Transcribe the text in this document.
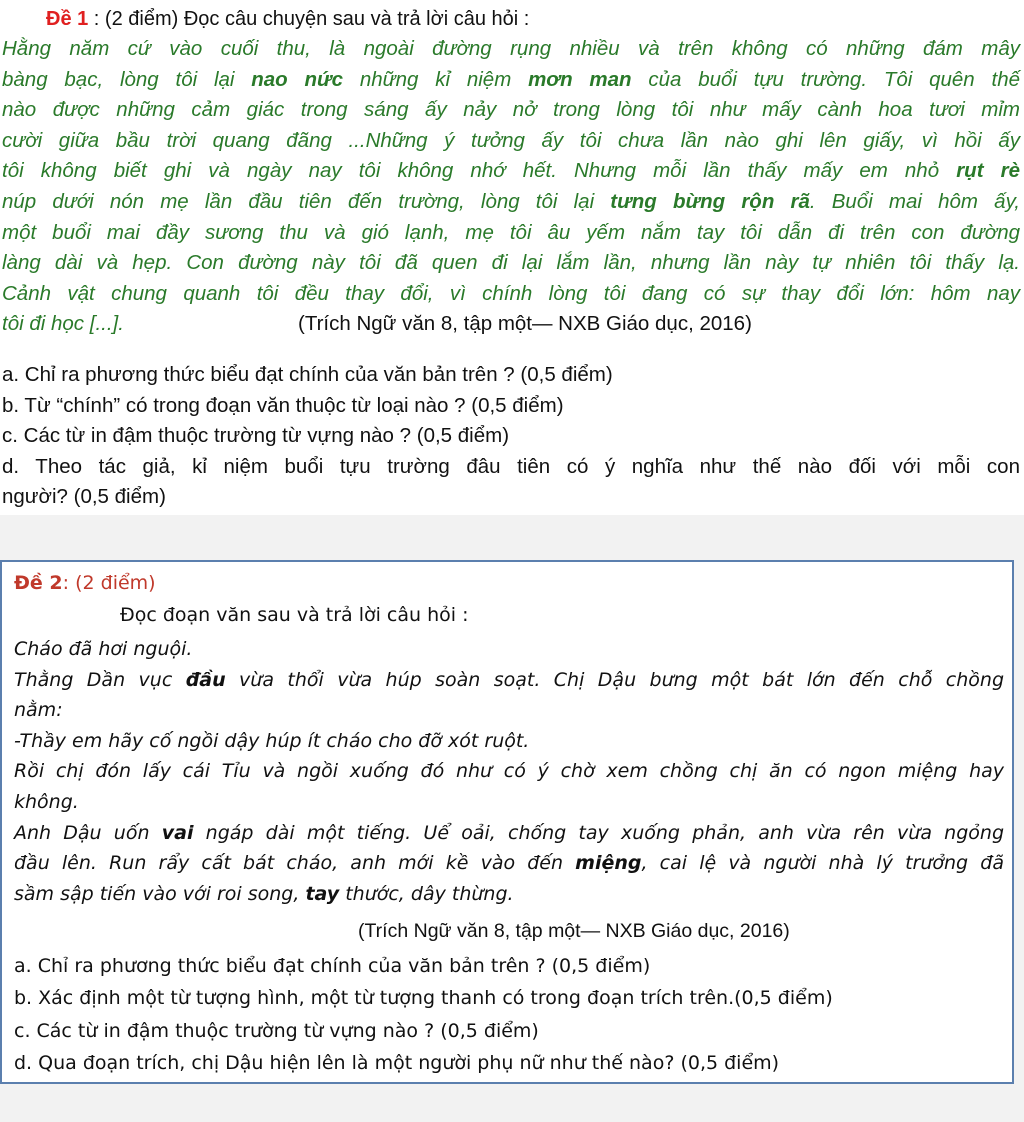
Đề 1 : (2 điểm) Đọc câu chuyện sau và trả lời câu hỏi :
Hằng năm cứ vào cuối thu, là ngoài đường rụng nhiều và trên không có những đám mây
bàng bạc, lòng tôi lại nao nức những kỉ niệm mơn man của buổi tựu trường. Tôi quên thế
nào được những cảm giác trong sáng ấy nảy nở trong lòng tôi như mấy cành hoa tươi mỉm
cười giữa bầu trời quang đãng ...Những ý tưởng ấy tôi chưa lần nào ghi lên giấy, vì hồi ấy
tôi không biết ghi và ngày nay tôi không nhớ hết. Nhưng mỗi lần thấy mấy em nhỏ rụt rè
núp dưới nón mẹ lần đầu tiên đến trường, lòng tôi lại tưng bừng rộn rã. Buổi mai hôm ấy,
một buổi mai đầy sương thu và gió lạnh, mẹ tôi âu yếm nắm tay tôi dẫn đi trên con đường
làng dài và hẹp. Con đường này tôi đã quen đi lại lắm lần, nhưng lần này tự nhiên tôi thấy lạ.
Cảnh vật chung quanh tôi đều thay đổi, vì chính lòng tôi đang có sự thay đổi lớn: hôm nay
tôi đi học [...].	(Trích Ngữ văn 8, tập một— NXB Giáo dục, 2016)
a. Chỉ ra phương thức biểu đạt chính của văn bản trên ? (0,5 điểm)
b. Từ “chính” có trong đoạn văn thuộc từ loại nào ? (0,5 điểm)
c. Các từ in đậm thuộc trường từ vựng nào ? (0,5 điểm)
d. Theo tác giả, kỉ niệm buổi tựu trường đâu tiên có ý nghĩa như thế nào đối với mỗi con
người? (0,5 điểm)
Đề 2: (2 điểm)
Đọc đoạn văn sau và trả lời câu hỏi :
Cháo đã hơi nguội.
Thằng Dần vục đầu vừa thổi vừa húp soàn soạt. Chị Dậu bưng một bát lớn đến chỗ chồng
nằm:
-Thầy em hãy cố ngồi dậy húp ít cháo cho đỡ xót ruột.
Rồi chị đón lấy cái Tỉu và ngồi xuống đó như có ý chờ xem chồng chị ăn có ngon miệng hay
không.
Anh Dậu uốn vai ngáp dài một tiếng. Uể oải, chống tay xuống phản, anh vừa rên vừa ngỏng
đầu lên. Run rẩy cất bát cháo, anh mới kề vào đến miệng, cai lệ và người nhà lý trưởng đã
sầm sập tiến vào với roi song, tay thước, dây thừng.
(Trích Ngữ văn 8, tập một— NXB Giáo dục, 2016)
a. Chỉ ra phương thức biểu đạt chính của văn bản trên ? (0,5 điểm)
b. Xác định một từ tượng hình, một từ tượng thanh có trong đoạn trích trên.(0,5 điểm)
c. Các từ in đậm thuộc trường từ vựng nào ? (0,5 điểm)
d. Qua đoạn trích, chị Dậu hiện lên là một người phụ nữ như thế nào? (0,5 điểm)
